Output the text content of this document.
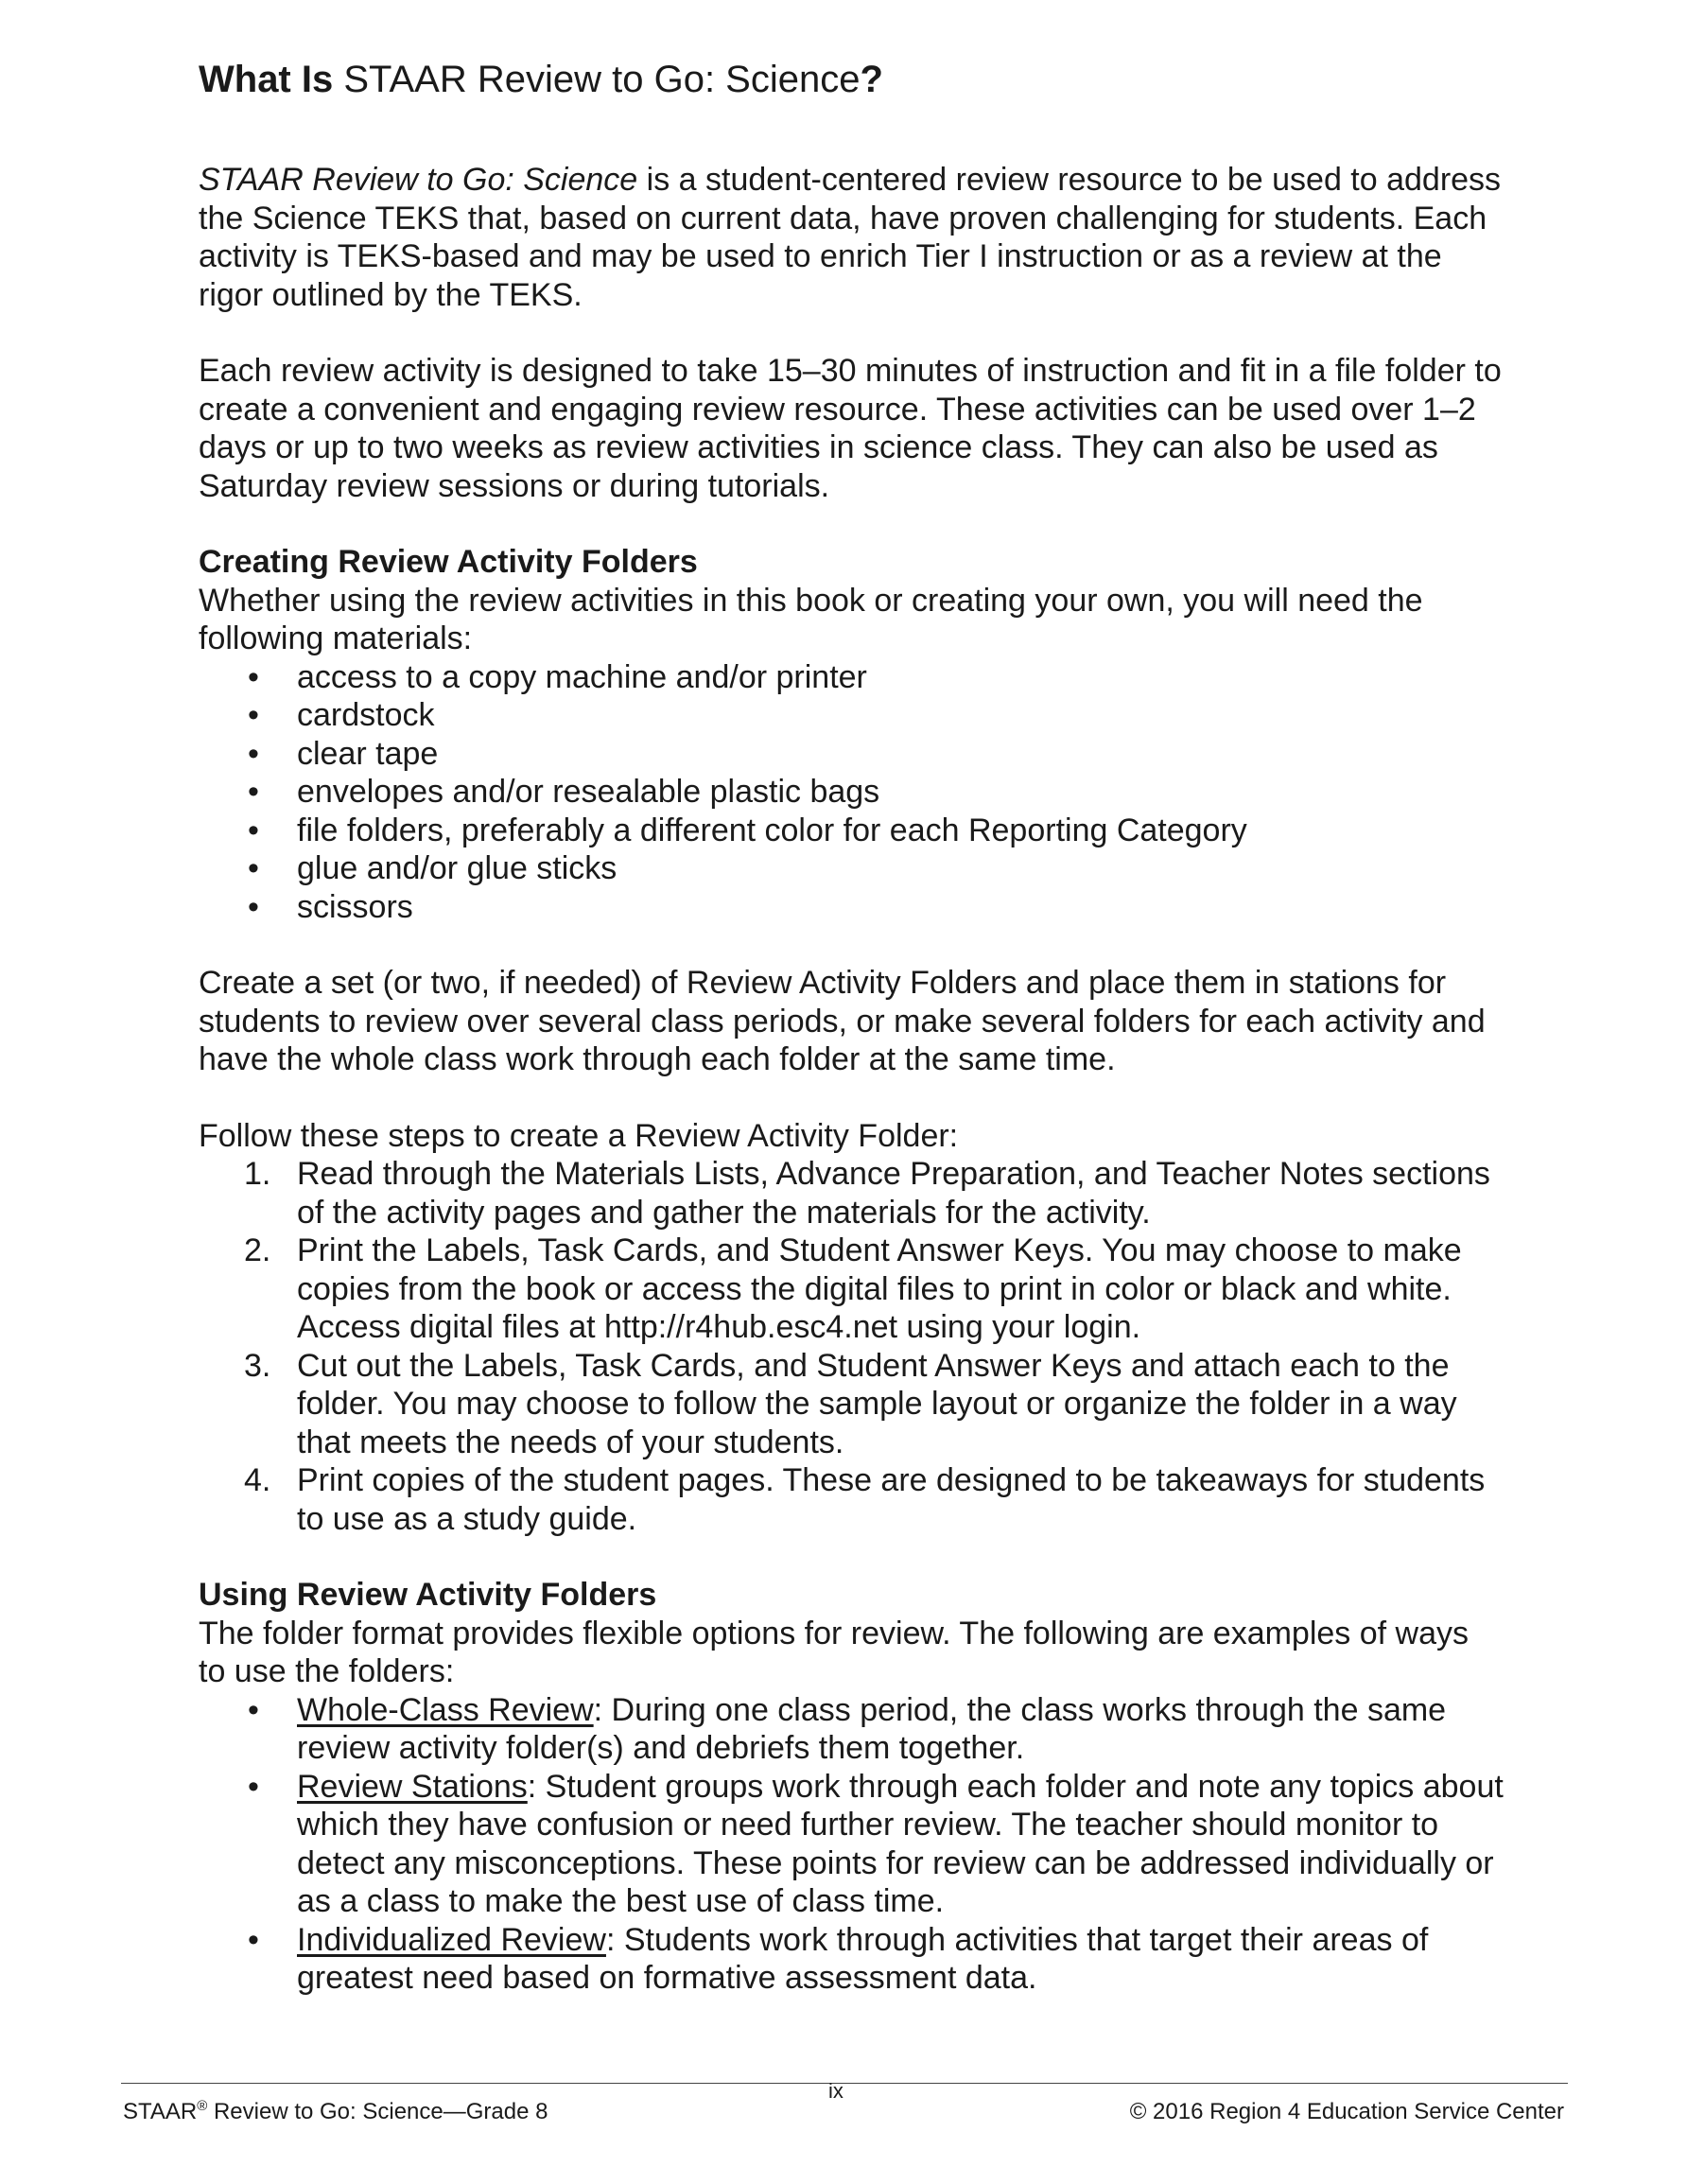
What Is STAAR Review to Go: Science?

STAAR Review to Go: Science is a student-centered review resource to be used to address the Science TEKS that, based on current data, have proven challenging for students. Each activity is TEKS-based and may be used to enrich Tier I instruction or as a review at the rigor outlined by the TEKS.

Each review activity is designed to take 15–30 minutes of instruction and fit in a file folder to create a convenient and engaging review resource. These activities can be used over 1–2 days or up to two weeks as review activities in science class. They can also be used as Saturday review sessions or during tutorials.

Creating Review Activity Folders

Whether using the review activities in this book or creating your own, you will need the following materials:

• access to a copy machine and/or printer
• cardstock
• clear tape
• envelopes and/or resealable plastic bags
• file folders, preferably a different color for each Reporting Category
• glue and/or glue sticks
• scissors

Create a set (or two, if needed) of Review Activity Folders and place them in stations for students to review over several class periods, or make several folders for each activity and have the whole class work through each folder at the same time.

Follow these steps to create a Review Activity Folder:

1. Read through the Materials Lists, Advance Preparation, and Teacher Notes sections of the activity pages and gather the materials for the activity.
2. Print the Labels, Task Cards, and Student Answer Keys. You may choose to make copies from the book or access the digital files to print in color or black and white. Access digital files at http://r4hub.esc4.net using your login.
3. Cut out the Labels, Task Cards, and Student Answer Keys and attach each to the folder. You may choose to follow the sample layout or organize the folder in a way that meets the needs of your students.
4. Print copies of the student pages. These are designed to be takeaways for students to use as a study guide.

Using Review Activity Folders

The folder format provides flexible options for review. The following are examples of ways to use the folders:

• Whole-Class Review: During one class period, the class works through the same review activity folder(s) and debriefs them together.
• Review Stations: Student groups work through each folder and note any topics about which they have confusion or need further review. The teacher should monitor to detect any misconceptions. These points for review can be addressed individually or as a class to make the best use of class time.
• Individualized Review: Students work through activities that target their areas of greatest need based on formative assessment data.
ix
STAAR® Review to Go: Science—Grade 8	© 2016 Region 4 Education Service Center
